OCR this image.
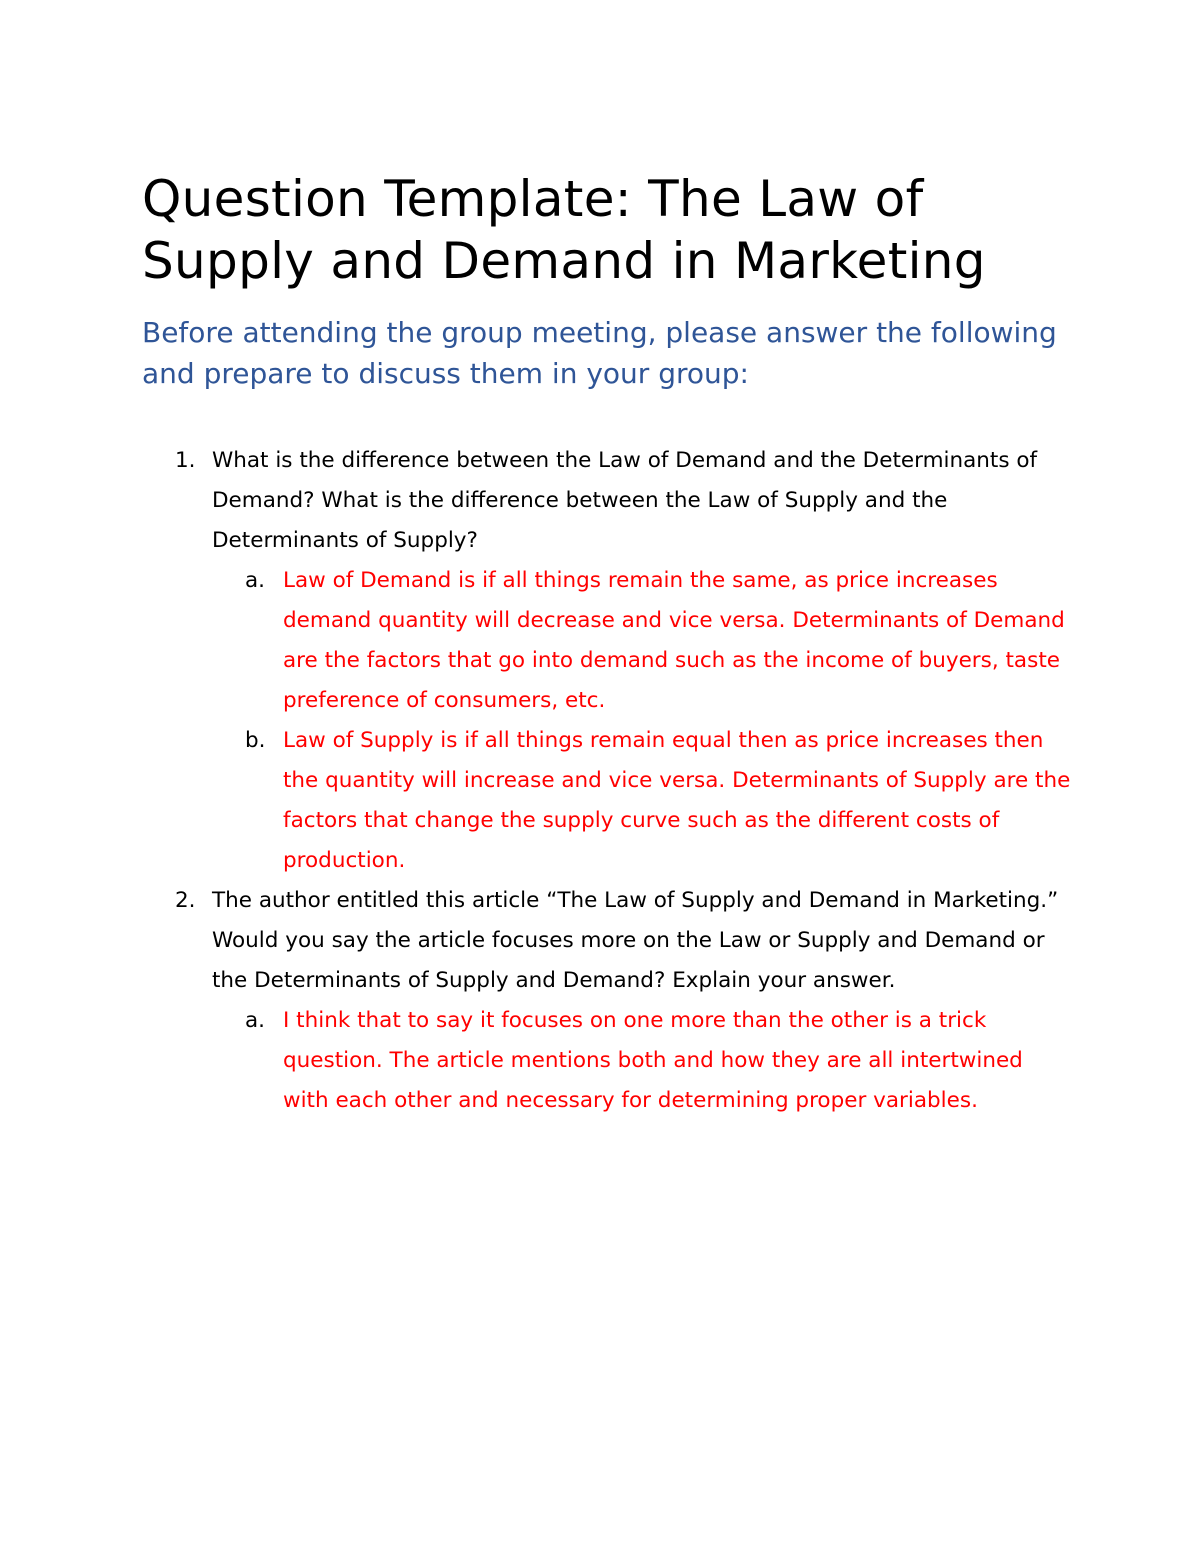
Question Template: The Law of Supply and Demand in Marketing

Before attending the group meeting, please answer the following and prepare to discuss them in your group:

1. What is the difference between the Law of Demand and the Determinants of Demand? What is the difference between the Law of Supply and the Determinants of Supply?
a. Law of Demand is if all things remain the same, as price increases demand quantity will decrease and vice versa. Determinants of Demand are the factors that go into demand such as the income of buyers, taste preference of consumers, etc.
b. Law of Supply is if all things remain equal then as price increases then the quantity will increase and vice versa. Determinants of Supply are the factors that change the supply curve such as the different costs of production.
2. The author entitled this article “The Law of Supply and Demand in Marketing.” Would you say the article focuses more on the Law or Supply and Demand or the Determinants of Supply and Demand? Explain your answer.
a. I think that to say it focuses on one more than the other is a trick question. The article mentions both and how they are all intertwined with each other and necessary for determining proper variables.
